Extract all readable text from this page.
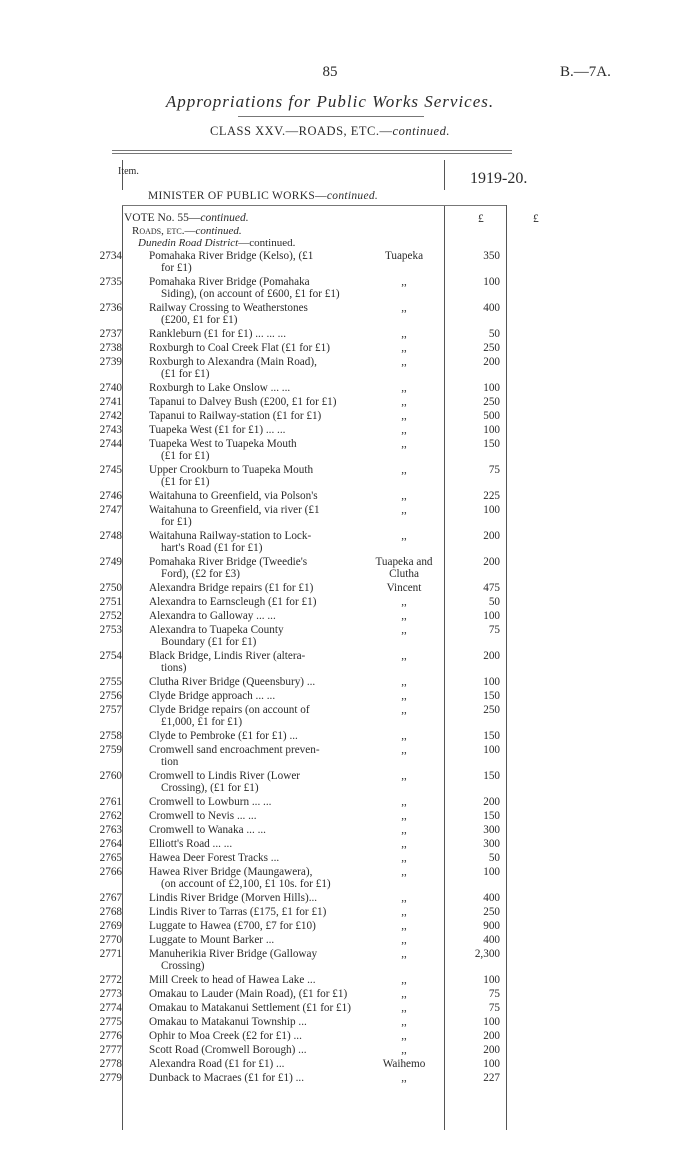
85	B.—7A.
Appropriations for Public Works Services.
CLASS XXV.—ROADS, ETC.—continued.
Item.	1919-20.
MINISTER OF PUBLIC WORKS—continued.
VOTE No. 55—continued.	£	£
Roads, etc.—continued.
Dunedin Road District—continued.
2734 Pomahaka River Bridge (Kelso), (£1
for £1)
Tuapeka	350
2735 Pomahaka River Bridge (Pomahaka
Siding), (on account of £600, £1 for £1)
,,	100
2736 Railway Crossing to Weatherstones
(£200, £1 for £1)
,,	400
2737 Rankleburn (£1 for £1) ... ... ...	,,	50
2738 Roxburgh to Coal Creek Flat (£1 for £1)	,,	250
2739 Roxburgh to Alexandra (Main Road),
(£1 for £1)
,,	200
2740 Roxburgh to Lake Onslow ... ...	,,	100
2741 Tapanui to Dalvey Bush (£200, £1 for £1)	,,	250
2742 Tapanui to Railway-station (£1 for £1)	,,	500
2743 Tuapeka West (£1 for £1) ... ...	,,	100
2744 Tuapeka West to Tuapeka Mouth
(£1 for £1)
,,	150
2745 Upper Crookburn to Tuapeka Mouth
(£1 for £1)
,,	75
2746 Waitahuna to Greenfield, via Polson's	,,	225
2747 Waitahuna to Greenfield, via river (£1
for £1)
,,	100
2748 Waitahuna Railway-station to Lock-
hart's Road (£1 for £1)
,,	200
2749 Pomahaka River Bridge (Tweedie's
Ford), (£2 for £3)
Tuapeka and Clutha
200
2750 Alexandra Bridge repairs (£1 for £1)	Vincent	475
2751 Alexandra to Earnscleugh (£1 for £1)	,,	50
2752 Alexandra to Galloway ... ...	,,	100
2753 Alexandra to Tuapeka County
Boundary (£1 for £1)
,,	75
2754 Black Bridge, Lindis River (altera-
tions)
,,	200
2755 Clutha River Bridge (Queensbury) ...	,,	100
2756 Clyde Bridge approach ... ...	,,	150
2757 Clyde Bridge repairs (on account of
£1,000, £1 for £1)
,,	250
2758 Clyde to Pembroke (£1 for £1) ...	,,	150
2759 Cromwell sand encroachment preven-
tion
,,	100
2760 Cromwell to Lindis River (Lower
Crossing), (£1 for £1)
,,	150
2761 Cromwell to Lowburn ... ...	,,	200
2762 Cromwell to Nevis ... ...	,,	150
2763 Cromwell to Wanaka ... ...	,,	300
2764 Elliott's Road ... ...	,,	300
2765 Hawea Deer Forest Tracks ...	,,	50
2766 Hawea River Bridge (Maungawera),
(on account of £2,100, £1 10s. for £1)
,,	100
2767 Lindis River Bridge (Morven Hills)...	,,	400
2768 Lindis River to Tarras (£175, £1 for £1)	,,	250
2769 Luggate to Hawea (£700, £7 for £10)	,,	900
2770 Luggate to Mount Barker ...	,,	400
2771 Manuherikia River Bridge (Galloway
Crossing)
,,	2,300
2772 Mill Creek to head of Hawea Lake ...	,,	100
2773 Omakau to Lauder (Main Road), (£1 for £1)	,,	75
2774 Omakau to Matakanui Settlement (£1 for £1)	,,	75
2775 Omakau to Matakanui Township ...	,,	100
2776 Ophir to Moa Creek (£2 for £1) ...	,,	200
2777 Scott Road (Cromwell Borough) ...	,,	200
2778 Alexandra Road (£1 for £1) ...	Waihemo	100
2779 Dunback to Macraes (£1 for £1) ...	,,	227
